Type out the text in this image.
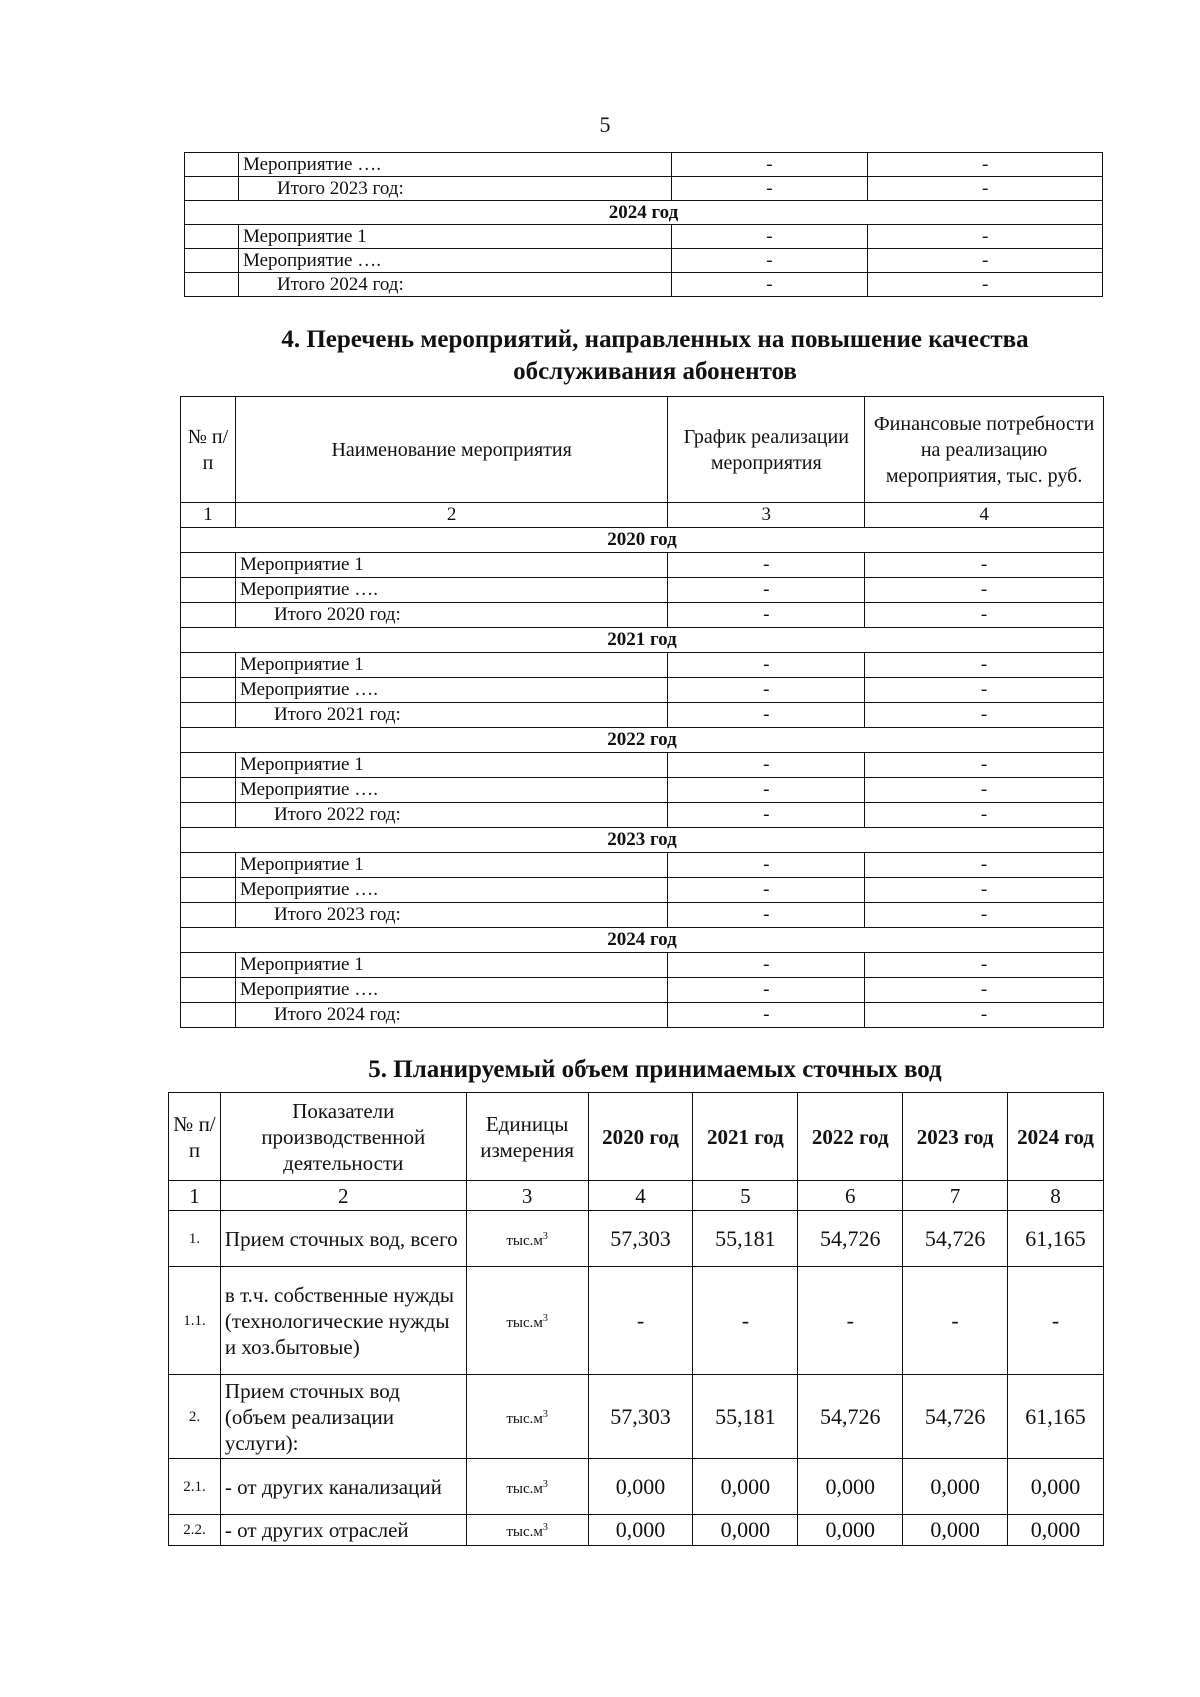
5
	Мероприятие ….	-	-
	Итого 2023 год:	-	-
2024 год			
	Мероприятие 1	-	-
	Мероприятие ….	-	-
	Итого 2024 год:	-	-
4. Перечень мероприятий, направленных на повышение качества
обслуживания абонентов
№ п/п	Наименование мероприятия	График реализации мероприятия	Финансовые потребности на реализацию мероприятия, тыс. руб.
1	2	3	4
2020 год			
	Мероприятие 1	-	-
	Мероприятие ….	-	-
	Итого 2020 год:	-	-
2021 год			
	Мероприятие 1	-	-
	Мероприятие ….	-	-
	Итого 2021 год:	-	-
2022 год			
	Мероприятие 1	-	-
	Мероприятие ….	-	-
	Итого 2022 год:	-	-
2023 год			
	Мероприятие 1	-	-
	Мероприятие ….	-	-
	Итого 2023 год:	-	-
2024 год			
	Мероприятие 1	-	-
	Мероприятие ….	-	-
	Итого 2024 год:	-	-
5. Планируемый объем принимаемых сточных вод
№ п/п	Показатели производственной деятельности	Единицы измерения	2020 год	2021 год	2022 год	2023 год	2024 год
1	2	3	4	5	6	7	8
1.	Прием сточных вод, всего	$тыс.м^3$	57,303	55,181	54,726	54,726	61,165
1.1.	в т.ч. собственные нужды (технологические нужды и хоз.бытовые)	$тыс.м^3$	-	-	-	-	-
2.	Прием сточных вод (объем реализации услуги):	$тыс.м^3$	57,303	55,181	54,726	54,726	61,165
2.1.	- от других канализаций	$тыс.м^3$	0,000	0,000	0,000	0,000	0,000
2.2.	- от других отраслей	$тыс.м^3$	0,000	0,000	0,000	0,000	0,000
